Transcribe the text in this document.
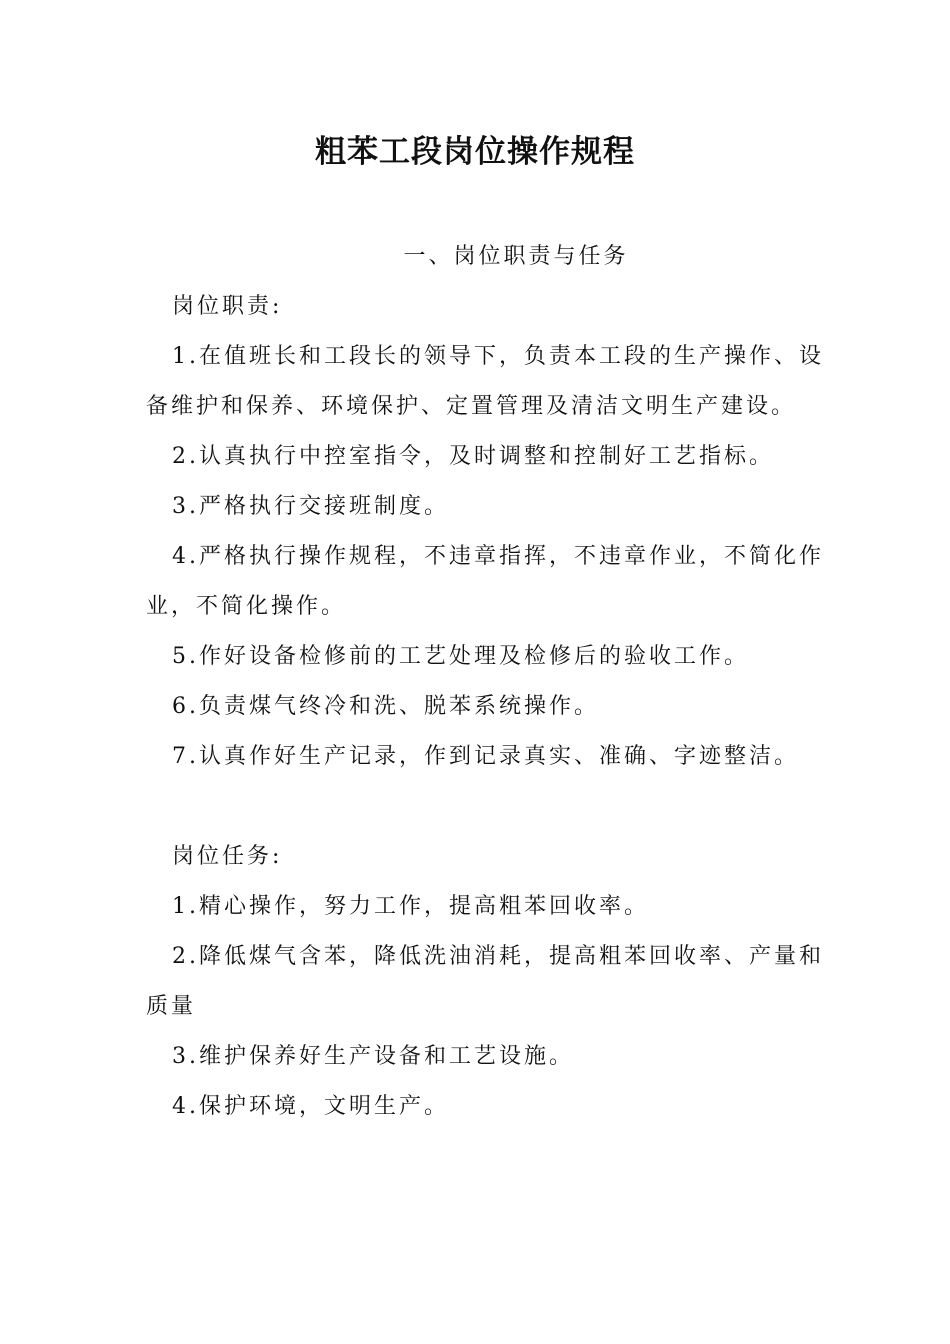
粗苯工段岗位操作规程
一、岗位职责与任务

岗位职责:

1.在值班长和工段长的领导下，负责本工段的生产操作、设备维护和保养、环境保护、定置管理及清洁文明生产建设。

2.认真执行中控室指令，及时调整和控制好工艺指标。

3.严格执行交接班制度。

4.严格执行操作规程，不违章指挥，不违章作业，不简化作业，不简化操作。

5.作好设备检修前的工艺处理及检修后的验收工作。

6.负责煤气终冷和洗、脱苯系统操作。

7.认真作好生产记录，作到记录真实、准确、字迹整洁。

岗位任务:

1.精心操作，努力工作，提高粗苯回收率。

2.降低煤气含苯，降低洗油消耗，提高粗苯回收率、产量和质量

3.维护保养好生产设备和工艺设施。

4.保护环境，文明生产。
